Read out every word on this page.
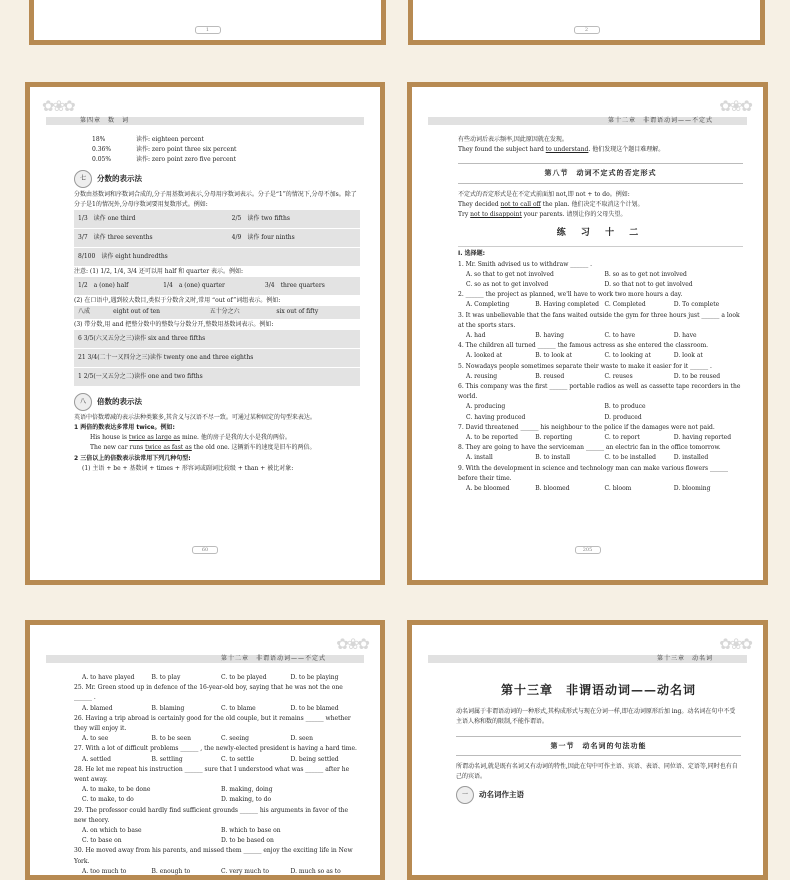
1	2
✿❀✿
第四章　数　词
18%	读作: eighteen percent
0.36%	读作: zero point three six percent
0.05%	读作: zero point zero five percent
七	分数的表示法

分数由基数词和序数词合成的,分子用基数词表示,分母用序数词表示。分子是“1”的情况下,分母不加s。除了分子是1的情况外,分母序数词要用复数形式。例如:

1/3　 读作 one third	2/5　 读作 two fifths
3/7　 读作 three sevenths	4/9　 读作 four ninths
8/100　 读作 eight hundredths	

注意: (1) 1/2, 1/4, 3/4 还可以用 half 和 quarter 表示。例如:

1/2　 a (one) half	1/4　 a (one) quarter	3/4　 three quarters

(2) 在口语中,遇到较大数目,类似于分数含义时,常用 “out of”词组表示。例如:

八成	eight out of ten	五十分之六	six out of fifty

(3) 带分数,用 and 把整分数中的整数与分数分开,整数用基数词表示。例如:

6 3/5(六又五分之三)读作 six and three fifths
21 3/4(二十一又四分之三)读作 twenty one and three eighths
1 2/5(一又五分之二)读作 one and two fifths
八	倍数的表示法

英语中倍数增减的表示法种类繁多,其含义与汉语不尽一致。可通过某种固定的句型来表达。

1 两倍的数表达多常用 twice。例如:

His house is twice as large as mine. 他的房子是我的大小是我的两倍。

The new car runs twice as fast as the old one. 这辆新车的速度是旧车的两倍。

2 三倍以上的倍数表示法常用下列几种句型:

(1) 主语 + be + 基数词 + times + 形容词或副词比较级 + than + 被比对象:

60
✿❀✿
第十二章　非谓语动词——不定式

有些动词后表示频率,因此原因就在发现。

They found the subject hard to understand. 他们发现这个题目难理解。

第八节　动词不定式的否定形式

不定式的否定形式是在不定式前面加 not,即 not + to do。例如:

They decided not to call off the plan. 他们决定不取消这个计划。

Try not to disappoint your parents. 请别让你的父母失望。

练 习 十 二

Ⅰ. 选择题:

1. Mr. Smith advised us to withdraw ______ .

A. so that to get not involved	B. so as to get not involved
C. so as not to get involved	D. so that not to get involved

2. ______ the project as planned, we'll have to work two more hours a day.

A. Completing	B. Having completed C. Completed	D. To complete

3. It was unbelievable that the fans waited outside the gym for three hours just ______ a look at the sports stars.

A. had	B. having	C. to have	D. have

4. The children all turned ______ the famous actress as she entered the classroom.

A. looked at	B. to look at	C. to looking at	D. look at

5. Nowadays people sometimes separate their waste to make it easier for it ______ .

A. reusing	B. reused	C. reuses	D. to be reused

6. This company was the first ______ portable radios as well as cassette tape recorders in the world.

A. producing	B. to produce
C. having produced	D. produced

7. David threatened ______ his neighbour to the police if the damages were not paid.

A. to be reported	B. reporting	C. to report	D. having reported

8. They are going to have the serviceman ______ an electric fan in the office tomorrow.

A. install	B. to install	C. to be installed	D. installed

9. With the development in science and technology man can make various flowers ______ before their time.

A. be bloomed	B. bloomed	C. bloom	D. blooming
205
✿❀✿
第十二章　非谓语动词——不定式
A. to have played	B. to play	C. to be played	D. to be playing

25. Mr. Green stood up in defence of the 16-year-old boy, saying that he was not the one ______ .

A. blamed	B. blaming	C. to blame	D. to be blamed

26. Having a trip abroad is certainly good for the old couple, but it remains ______ whether they will enjoy it.

A. to see	B. to be seen	C. seeing	D. seen

27. With a lot of difficult problems ______ , the newly-elected president is having a hard time.

A. settled	B. settling	C. to settle	D. being settled

28. He let me repeat his instruction ______ sure that I understood what was ______ after he went away.

A. to make, to be done	B. making, doing
C. to make, to do	D. making, to do

29. The professor could hardly find sufficient grounds ______ his arguments in favor of the new theory.

A. on which to base	B. which to base on
C. to base on	D. to be based on

30. He moved away from his parents, and missed them ______ enjoy the exciting life in New York.

A. too much to	B. enough to	C. very much to	D. much so as to
✿❀✿
第十三章　动名词
第十三章　非谓语动词——动名词

动名词属于非谓语动词的一种形式,其构成形式与现在分词一样,即在动词原形后加 ing。动名词在句中不受主语人称和数的限制,不能作谓语。

第一节　动名词的句法功能

所谓动名词,就是既有名词又有动词的特性,因此在句中可作主语、宾语、表语、同位语、定语等,同时也有自己的宾语。

一	动名词作主语
